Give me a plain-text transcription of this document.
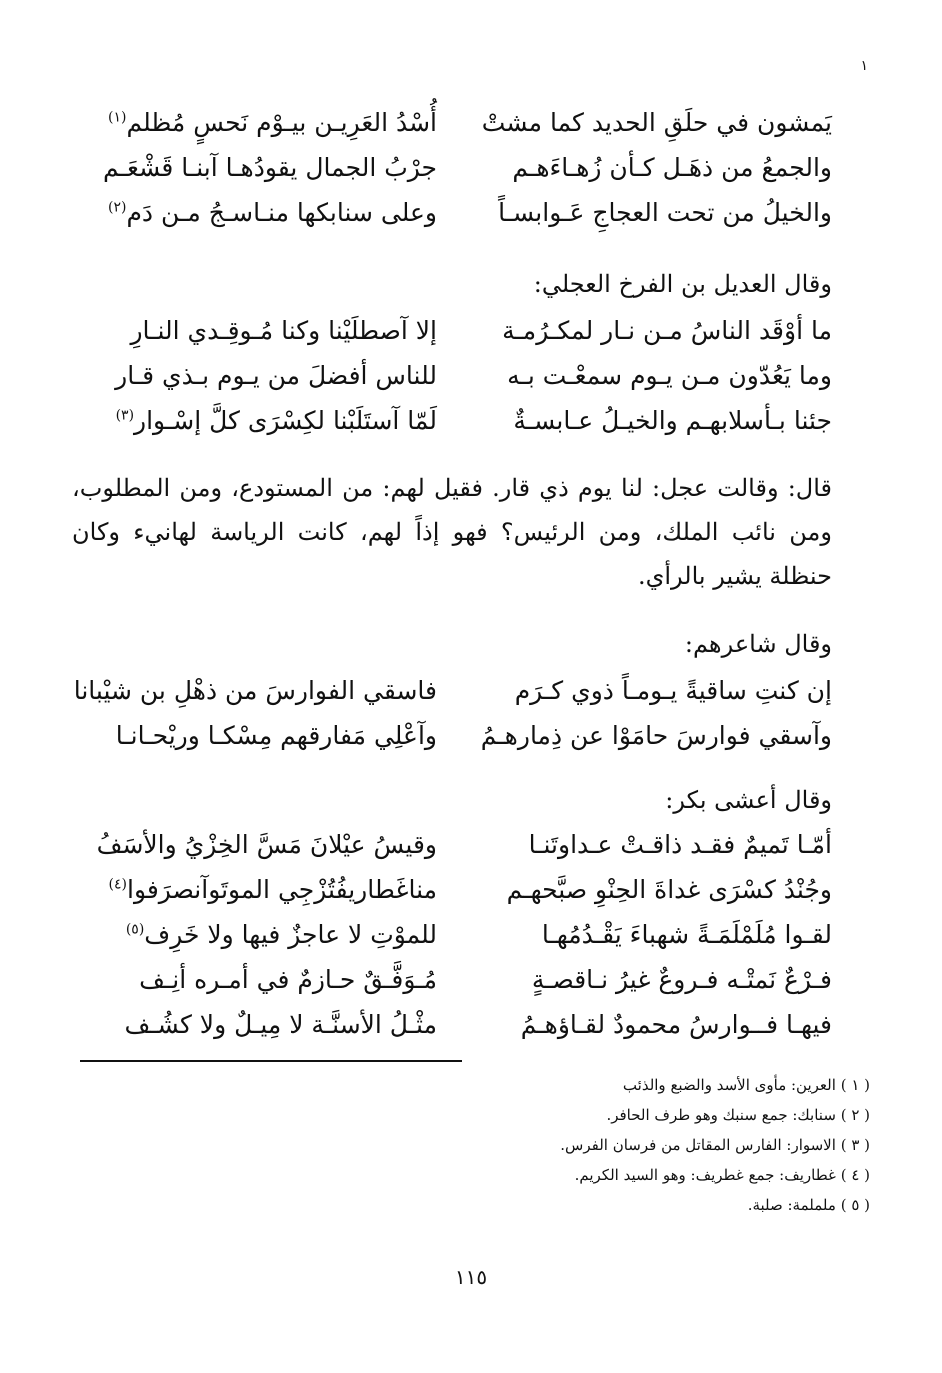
١
يَمشون في حلَقِ الحديد كما مشتْ
أُسْدُ العَرِيـن بيـوْم نَحسٍ مُظلم$^{(١)}$
والجمعُ من ذهَـل كـأن زُهـاءَهـم
جرْبُ الجمال يقودُهـا آبنـا قَشْعَـم
والخيلُ من تحت العجاجِ عَـوابسـاً
وعلى سنابكها منـاسـجُ مـن دَم$^{(٢)}$
وقال العديل بن الفرخ العجلي:
ما أوْقَد الناسُ مـن نـار لمكـرُمـة
إلا آصطلَيْنا وكنا مُـوقِـدي النـارِ
وما يَعُدّون مـن يـوم سمعْـت بـه
للناس أفضلَ من يـوم بـذي قـار
جئنا بـأسلابهـم والخيـلُ عـابسـةٌ
لَمّا آستَلَبْنا لكِسْرَى كلَّ إسْـوار$^{(٣)}$
قال: وقالت عجل: لنا يوم ذي قار. فقيل لهم: من المستودع، ومن المطلوب، ومن نائب الملك، ومن الرئيس؟ فهو إذاً لهم، كانت الرياسة لهانيء وكان حنظلة يشير بالرأي.
وقال شاعرهم:
إن كنتِ ساقيةً يـومـاً ذوي كـرَم
فاسقي الفوارسَ من ذهْلِ بن شيْبانا
وآسقي فوارسَ حامَوْا عن ذِمارهـمُ
وآعْلِي مَفارقهم مِسْكـا وريْحـانـا
وقال أعشى بكر:
أمّـا تَميمٌ فقـد ذاقـتْ عـداوتَنـا
وقيسُ عيْلانَ مَسَّ الخِزْيُ والأسَفُ
وجُنْدُ كسْرَى غداةَ الحِنْوِ صبَّحهـم
مناغَطاريفُتُزْجِي الموتَوآنصرَفوا$^{(٤)}$
لقـوا مُلَمْلَمَـةً شهباءَ يَقْـدُمُهـا
للموْتِ لا عاجزٌ فيها ولا خَرِف$^{(٥)}$
فـرْعٌ نَمتْـه فـروعٌ غيرُ نـاقصـةٍ
مُـوَفَّـقٌ حـازمٌ في أمـره أنِـف
فيهـا فــوارسُ محمودٌ لقـاؤهـمُ
مثْـلُ الأسنَّـة لا مِيـلٌ ولا كشُـف
( ١ ) العرين: مأوى الأسد والضبع والذئب
( ٢ ) سنابك: جمع سنبك وهو طرف الحافر.
( ٣ ) الاسوار: الفارس المقاتل من فرسان الفرس.
( ٤ ) غطاريف: جمع غطريف: وهو السيد الكريم.
( ٥ ) ململمة: صلبة.
١١٥
